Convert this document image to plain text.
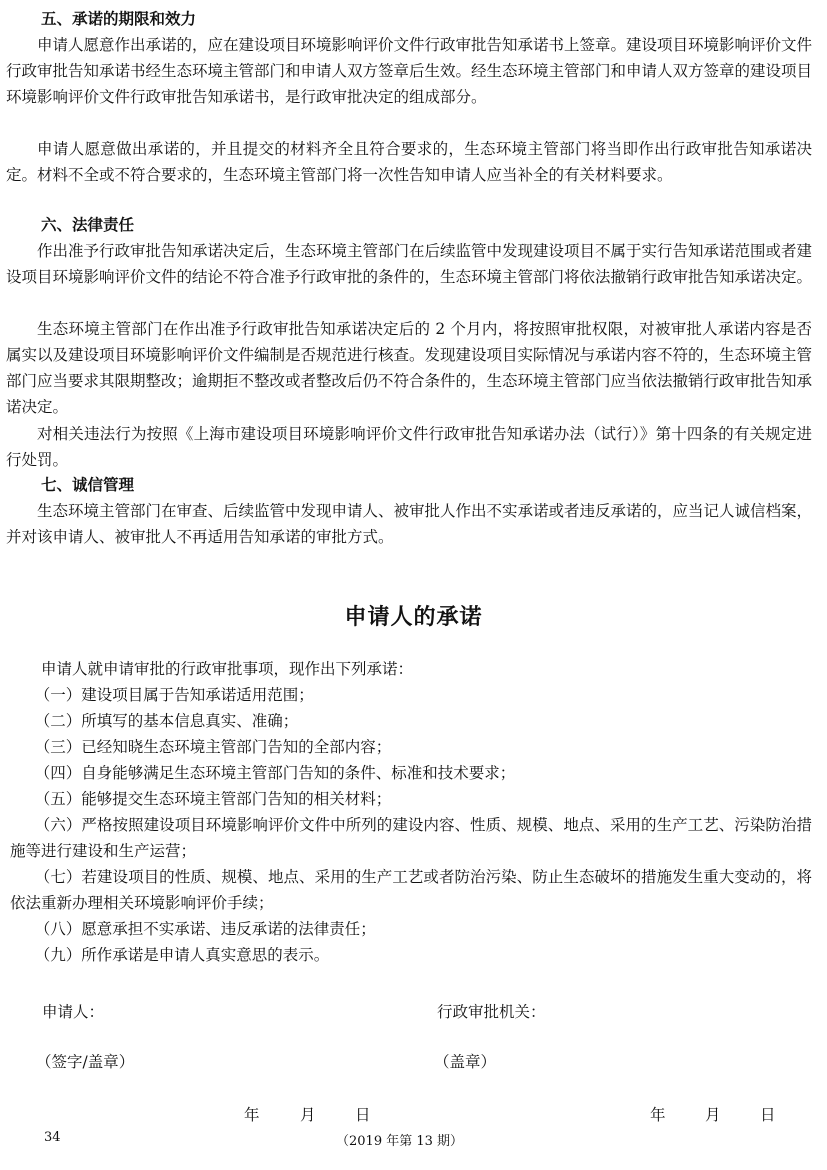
五、承诺的期限和效力

申请人愿意作出承诺的，应在建设项目环境影响评价文件行政审批告知承诺书上签章。建设项目环境影响评价文件行政审批告知承诺书经生态环境主管部门和申请人双方签章后生效。经生态环境主管部门和申请人双方签章的建设项目环境影响评价文件行政审批告知承诺书，是行政审批决定的组成部分。

申请人愿意做出承诺的，并且提交的材料齐全且符合要求的，生态环境主管部门将当即作出行政审批告知承诺决定。材料不全或不符合要求的，生态环境主管部门将一次性告知申请人应当补全的有关材料要求。

六、法律责任

作出准予行政审批告知承诺决定后，生态环境主管部门在后续监管中发现建设项目不属于实行告知承诺范围或者建设项目环境影响评价文件的结论不符合准予行政审批的条件的，生态环境主管部门将依法撤销行政审批告知承诺决定。

生态环境主管部门在作出准予行政审批告知承诺决定后的 2 个月内，将按照审批权限，对被审批人承诺内容是否属实以及建设项目环境影响评价文件编制是否规范进行核查。发现建设项目实际情况与承诺内容不符的，生态环境主管部门应当要求其限期整改；逾期拒不整改或者整改后仍不符合条件的，生态环境主管部门应当依法撤销行政审批告知承诺决定。

对相关违法行为按照《上海市建设项目环境影响评价文件行政审批告知承诺办法（试行）》第十四条的有关规定进行处罚。

七、诚信管理

生态环境主管部门在审查、后续监管中发现申请人、被审批人作出不实承诺或者违反承诺的，应当记人诚信档案，并对该申请人、被审批人不再适用告知承诺的审批方式。

申请人的承诺

申请人就申请审批的行政审批事项，现作出下列承诺：

（一）建设项目属于告知承诺适用范围；

（二）所填写的基本信息真实、准确；

（三）已经知晓生态环境主管部门告知的全部内容；

（四）自身能够满足生态环境主管部门告知的条件、标准和技术要求；

（五）能够提交生态环境主管部门告知的相关材料；

（六）严格按照建设项目环境影响评价文件中所列的建设内容、性质、规模、地点、采用的生产工艺、污染防治措施等进行建设和生产运营；

（七）若建设项目的性质、规模、地点、采用的生产工艺或者防治污染、防止生态破坏的措施发生重大变动的，将依法重新办理相关环境影响评价手续；

（八）愿意承担不实承诺、违反承诺的法律责任；

（九）所作承诺是申请人真实意思的表示。

申请人：	行政审批机关：
（签字/盖章）	（盖章）
年	月	日	年	月	日
34	（2019 年第 13 期）
